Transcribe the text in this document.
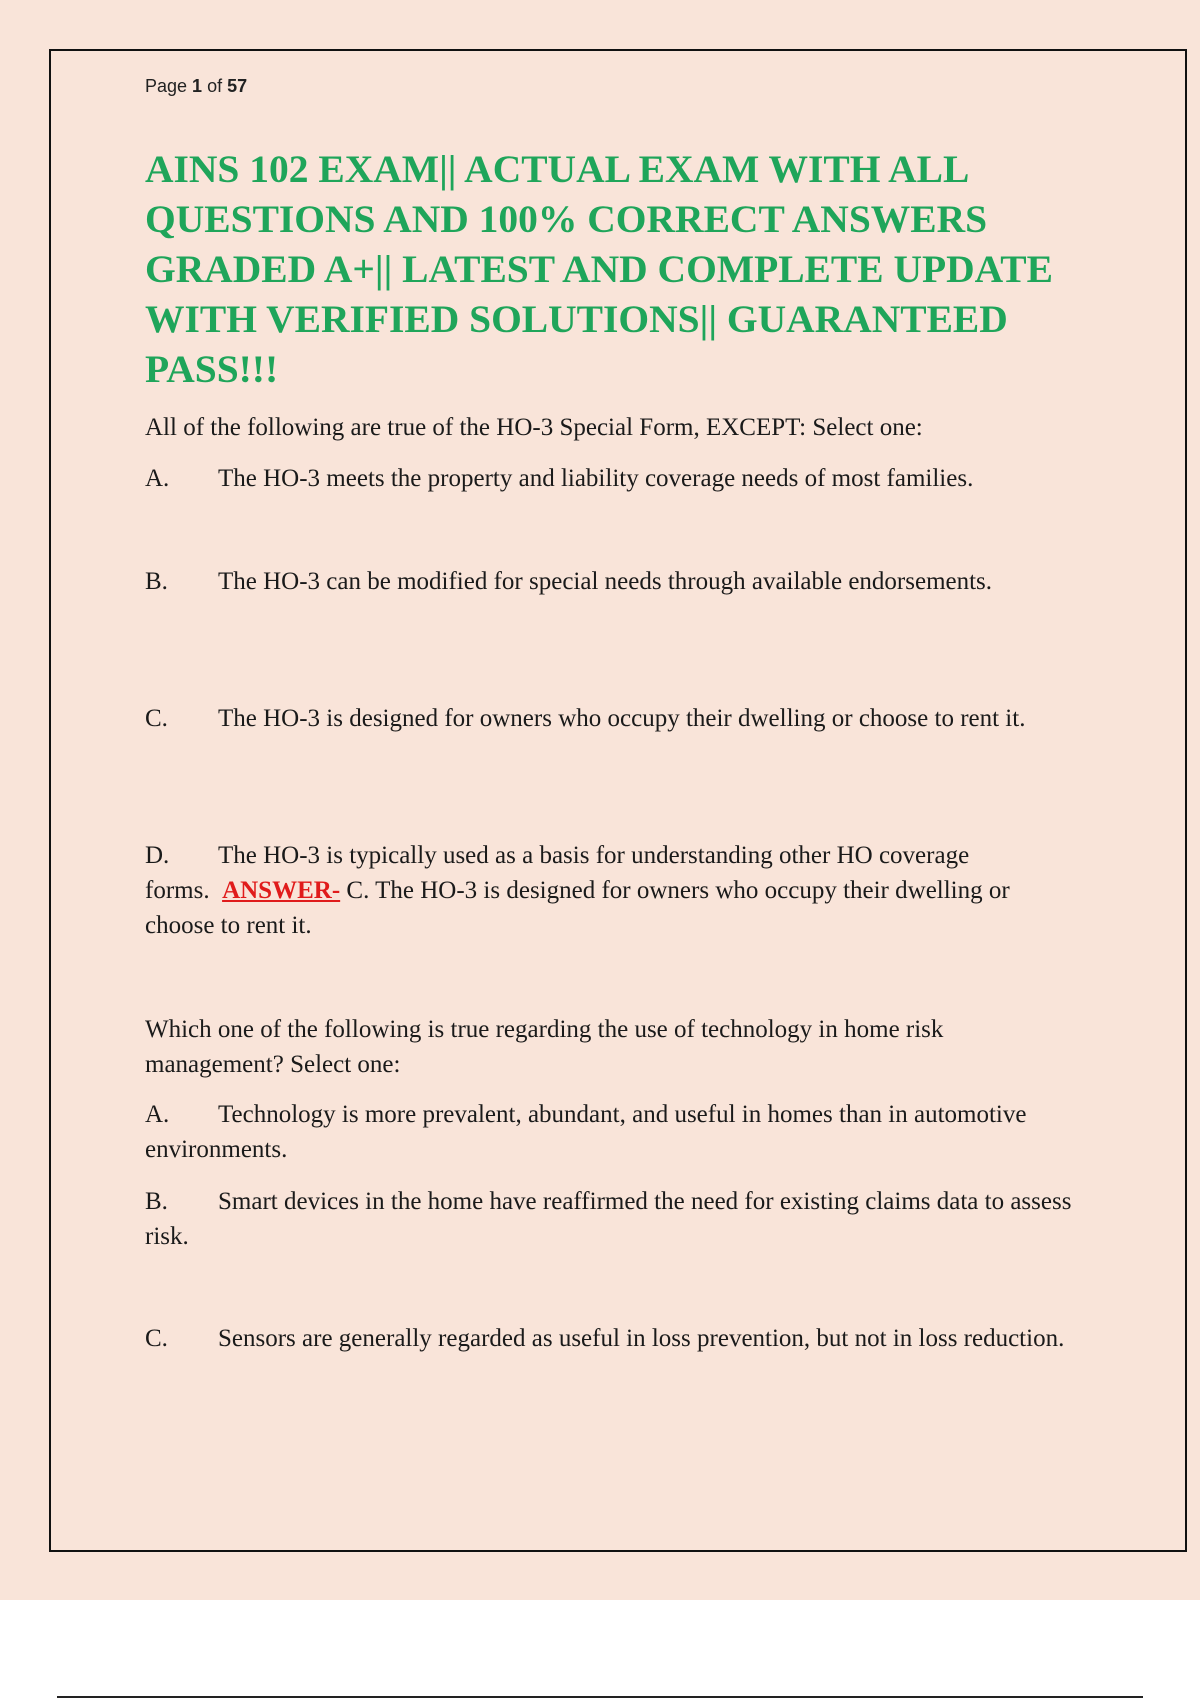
Page 1 of 57
AINS 102 EXAM|| ACTUAL EXAM WITH ALL QUESTIONS AND 100% CORRECT ANSWERS GRADED A+|| LATEST AND COMPLETE UPDATE WITH VERIFIED SOLUTIONS|| GUARANTEED PASS!!!

All of the following are true of the HO-3 Special Form, EXCEPT: Select one:

A. The HO-3 meets the property and liability coverage needs of most families.

B. The HO-3 can be modified for special needs through available endorsements.

C. The HO-3 is designed for owners who occupy their dwelling or choose to rent it.

D. The HO-3 is typically used as a basis for understanding other HO coverage forms. ANSWER- C. The HO-3 is designed for owners who occupy their dwelling or choose to rent it.

Which one of the following is true regarding the use of technology in home risk management? Select one:

A. Technology is more prevalent, abundant, and useful in homes than in automotive environments.

B. Smart devices in the home have reaffirmed the need for existing claims data to assess risk.

C. Sensors are generally regarded as useful in loss prevention, but not in loss reduction.
